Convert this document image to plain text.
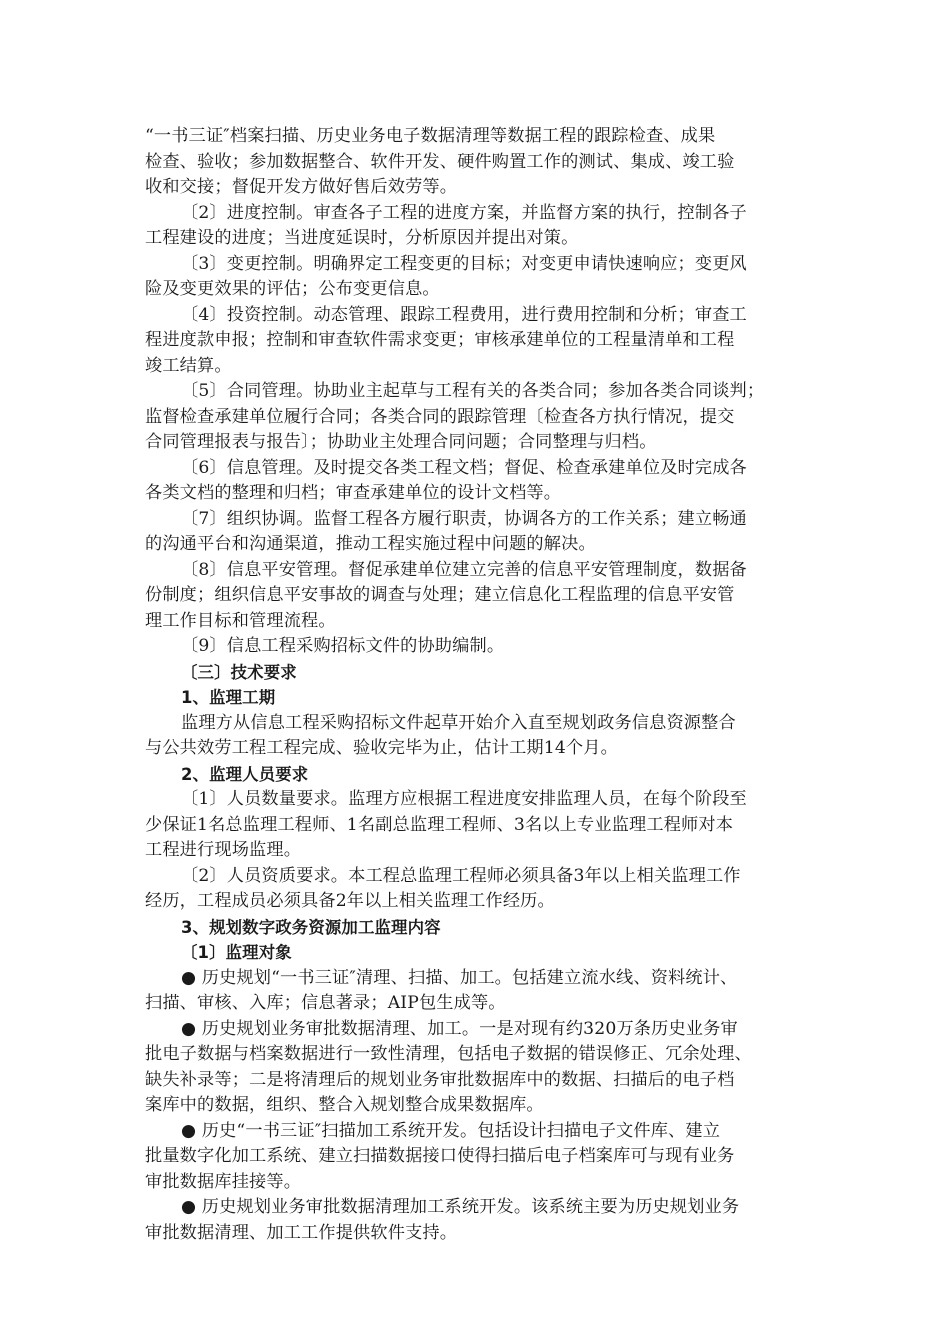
“一书三证″档案扫描、历史业务电子数据清理等数据工程的跟踪检查、成果
检查、验收；参加数据整合、软件开发、硬件购置工作的测试、集成、竣工验
收和交接；督促开发方做好售后效劳等。
〔2〕进度控制。审查各子工程的进度方案，并监督方案的执行，控制各子
工程建设的进度；当进度延误时，分析原因并提出对策。
〔3〕变更控制。明确界定工程变更的目标；对变更申请快速响应；变更风
险及变更效果的评估；公布变更信息。
〔4〕投资控制。动态管理、跟踪工程费用，进行费用控制和分析；审查工
程进度款申报；控制和审查软件需求变更；审核承建单位的工程量清单和工程
竣工结算。
〔5〕合同管理。协助业主起草与工程有关的各类合同；参加各类合同谈判；
监督检查承建单位履行合同；各类合同的跟踪管理〔检查各方执行情况，提交
合同管理报表与报告〕；协助业主处理合同问题；合同整理与归档。
〔6〕信息管理。及时提交各类工程文档；督促、检查承建单位及时完成各
各类文档的整理和归档；审查承建单位的设计文档等。
〔7〕组织协调。监督工程各方履行职责，协调各方的工作关系；建立畅通
的沟通平台和沟通渠道，推动工程实施过程中问题的解决。
〔8〕信息平安管理。督促承建单位建立完善的信息平安管理制度，数据备
份制度；组织信息平安事故的调查与处理；建立信息化工程监理的信息平安管
理工作目标和管理流程。
〔9〕信息工程采购招标文件的协助编制。
〔三〕技术要求
1、监理工期
监理方从信息工程采购招标文件起草开始介入直至规划政务信息资源整合
与公共效劳工程工程完成、验收完毕为止，估计工期14个月。
2、监理人员要求
〔1〕人员数量要求。监理方应根据工程进度安排监理人员，在每个阶段至
少保证1名总监理工程师、1名副总监理工程师、3名以上专业监理工程师对本
工程进行现场监理。
〔2〕人员资质要求。本工程总监理工程师必须具备3年以上相关监理工作
经历，工程成员必须具备2年以上相关监理工作经历。
3、规划数字政务资源加工监理内容
〔1〕监理对象
● 历史规划“一书三证″清理、扫描、加工。包括建立流水线、资料统计、
扫描、审核、入库；信息著录；AIP包生成等。
● 历史规划业务审批数据清理、加工。一是对现有约320万条历史业务审
批电子数据与档案数据进行一致性清理，包括电子数据的错误修正、冗余处理、
缺失补录等；二是将清理后的规划业务审批数据库中的数据、扫描后的电子档
案库中的数据，组织、整合入规划整合成果数据库。
● 历史“一书三证″扫描加工系统开发。包括设计扫描电子文件库、建立
批量数字化加工系统、建立扫描数据接口使得扫描后电子档案库可与现有业务
审批数据库挂接等。
● 历史规划业务审批数据清理加工系统开发。该系统主要为历史规划业务
审批数据清理、加工工作提供软件支持。
